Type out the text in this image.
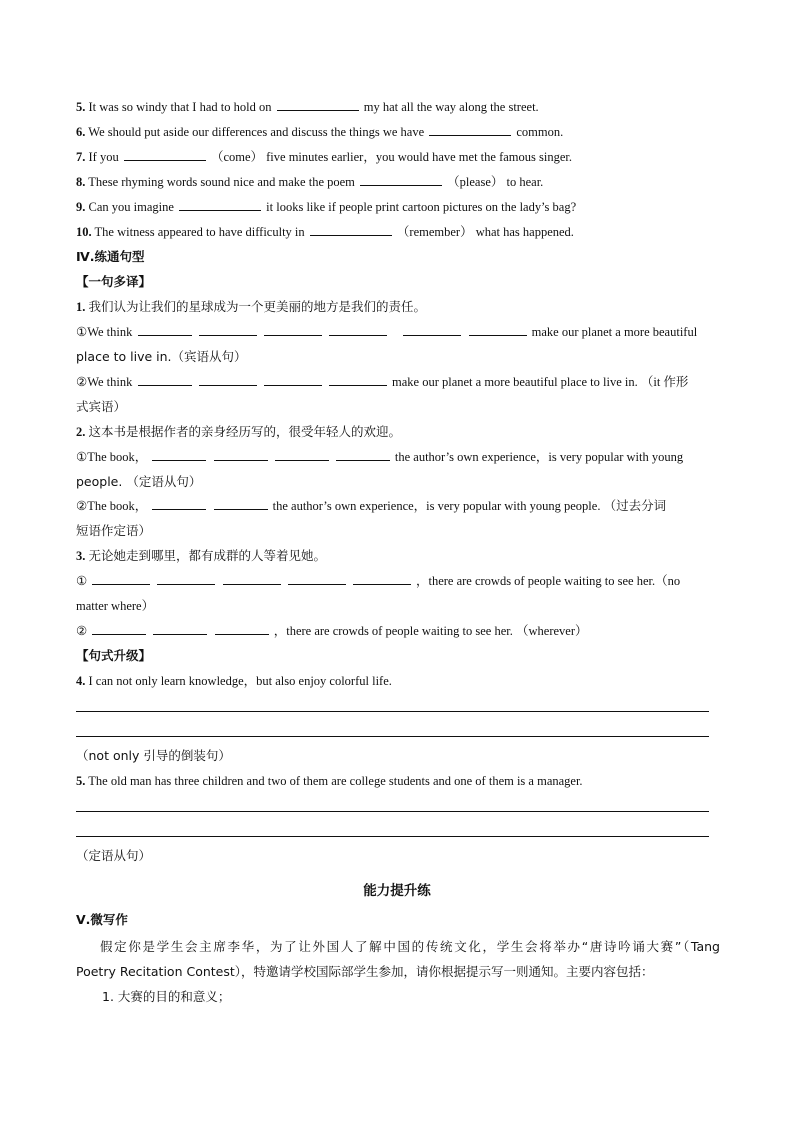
5. It was so windy that I had to hold on	my hat all the way along the street.
6. We should put aside our differences and discuss the things we have	common.
7. If you	（come） five minutes earlier，you would have met the famous singer.
8. These rhyming words sound nice and make the poem	（please） to hear.
9. Can you imagine	it looks like if people print cartoon pictures on the lady’s bag?
10. The witness appeared to have difficulty in	（remember） what has happened.
Ⅳ.练通句型
【一句多译】
1. 我们认为让我们的星球成为一个更美丽的地方是我们的责任。
①We think	make our planet a more beautiful
place to live in.（宾语从句）
②We think	make our planet a more beautiful place to live in. （it 作形
式宾语）
2. 这本书是根据作者的亲身经历写的，很受年轻人的欢迎。
①The book，	the author’s own experience，is very popular with young
people. （定语从句）
②The book，	the author’s own experience，is very popular with young people. （过去分词
短语作定语）
3. 无论她走到哪里，都有成群的人等着见她。
①	，there are crowds of people waiting to see her.（no
matter where）
②	，there are crowds of people waiting to see her. （wherever）
【句式升级】
4. I can not only learn knowledge，but also enjoy colorful life.
（not only 引导的倒装句）
5. The old man has three children and two of them are college students and one of them is a manager.
（定语从句）
能力提升练
Ⅴ.微写作
假定你是学生会主席李华，为了让外国人了解中国的传统文化，学生会将举办“唐诗吟诵大赛”（Tang
Poetry Recitation Contest），特邀请学校国际部学生参加，请你根据提示写一则通知。主要内容包括：
1. 大赛的目的和意义；
